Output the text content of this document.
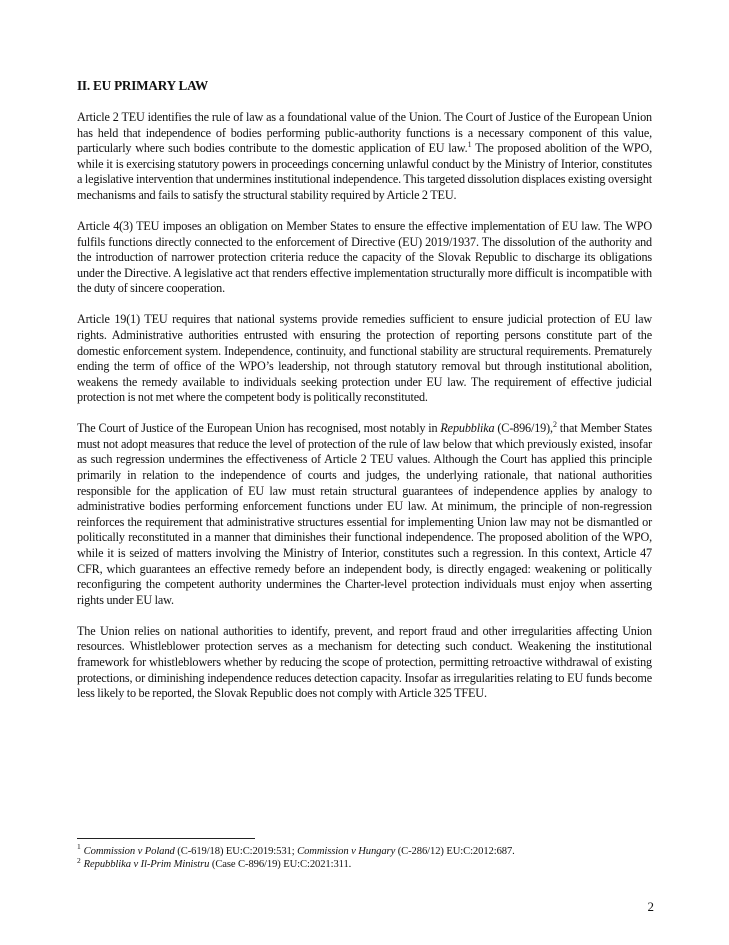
II. EU PRIMARY LAW

Article 2 TEU identifies the rule of law as a foundational value of the Union. The Court of Justice of the European Union has held that independence of bodies performing public-authority functions is a necessary component of this value, particularly where such bodies contribute to the domestic application of EU law.$^1$ The proposed abolition of the WPO, while it is exercising statutory powers in proceedings concerning unlawful conduct by the Ministry of Interior, constitutes a legislative intervention that undermines institutional independence. This targeted dissolution displaces existing oversight mechanisms and fails to satisfy the structural stability required by Article 2 TEU.

Article 4(3) TEU imposes an obligation on Member States to ensure the effective implementation of EU law. The WPO fulfils functions directly connected to the enforcement of Directive (EU) 2019/1937. The dissolution of the authority and the introduction of narrower protection criteria reduce the capacity of the Slovak Republic to discharge its obligations under the Directive. A legislative act that renders effective implementation structurally more difficult is incompatible with the duty of sincere cooperation.

Article 19(1) TEU requires that national systems provide remedies sufficient to ensure judicial protection of EU law rights. Administrative authorities entrusted with ensuring the protection of reporting persons constitute part of the domestic enforcement system. Independence, continuity, and functional stability are structural requirements. Prematurely ending the term of office of the WPO’s leadership, not through statutory removal but through institutional abolition, weakens the remedy available to individuals seeking protection under EU law. The requirement of effective judicial protection is not met where the competent body is politically reconstituted.

The Court of Justice of the European Union has recognised, most notably in Repubblika (C-896/19),$^2$ that Member States must not adopt measures that reduce the level of protection of the rule of law below that which previously existed, insofar as such regression undermines the effectiveness of Article 2 TEU values. Although the Court has applied this principle primarily in relation to the independence of courts and judges, the underlying rationale, that national authorities responsible for the application of EU law must retain structural guarantees of independence applies by analogy to administrative bodies performing enforcement functions under EU law. At minimum, the principle of non-regression reinforces the requirement that administrative structures essential for implementing Union law may not be dismantled or politically reconstituted in a manner that diminishes their functional independence. The proposed abolition of the WPO, while it is seized of matters involving the Ministry of Interior, constitutes such a regression. In this context, Article 47 CFR, which guarantees an effective remedy before an independent body, is directly engaged: weakening or politically reconfiguring the competent authority undermines the Charter-level protection individuals must enjoy when asserting rights under EU law.

The Union relies on national authorities to identify, prevent, and report fraud and other irregularities affecting Union resources. Whistleblower protection serves as a mechanism for detecting such conduct. Weakening the institutional framework for whistleblowers whether by reducing the scope of protection, permitting retroactive withdrawal of existing protections, or diminishing independence reduces detection capacity. Insofar as irregularities relating to EU funds become less likely to be reported, the Slovak Republic does not comply with Article 325 TFEU.

$^1$ Commission v Poland (C-619/18) EU:C:2019:531; Commission v Hungary (C-286/12) EU:C:2012:687.

$^2$ Repubblika v Il-Prim Ministru (Case C-896/19) EU:C:2021:311.

2
